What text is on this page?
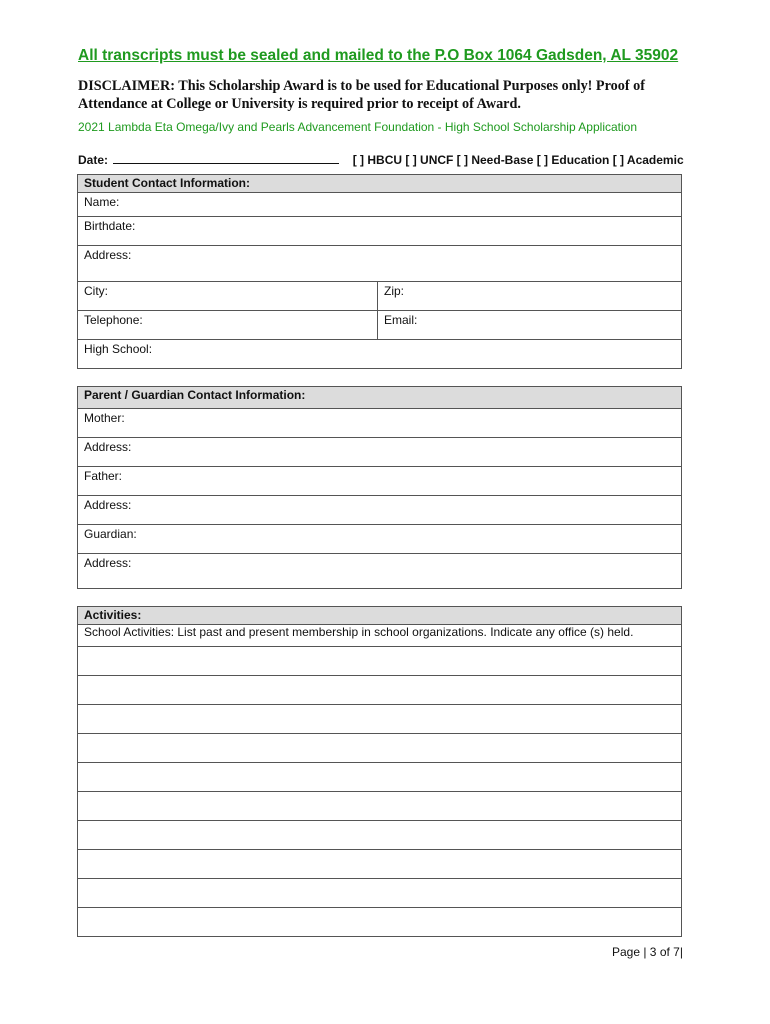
All transcripts must be sealed and mailed to the P.O Box 1064 Gadsden, AL 35902
DISCLAIMER: This Scholarship Award is to be used for Educational Purposes only! Proof of Attendance at College or University is required prior to receipt of Award.
2021 Lambda Eta Omega/Ivy and Pearls Advancement Foundation - High School Scholarship Application
Date:	[ ] HBCU [ ] UNCF [ ] Need-Base [ ] Education [ ] Academic
Student Contact Information:	
Name:	
Birthdate:	
Address:	
City:	Zip:
Telephone:	Email:
High School:	
Parent / Guardian Contact Information:
Mother:
Address:
Father:
Address:
Guardian:
Address:
Activities:
School Activities: List past and present membership in school organizations. Indicate any office (s) held.

Page | 3 of 7|
